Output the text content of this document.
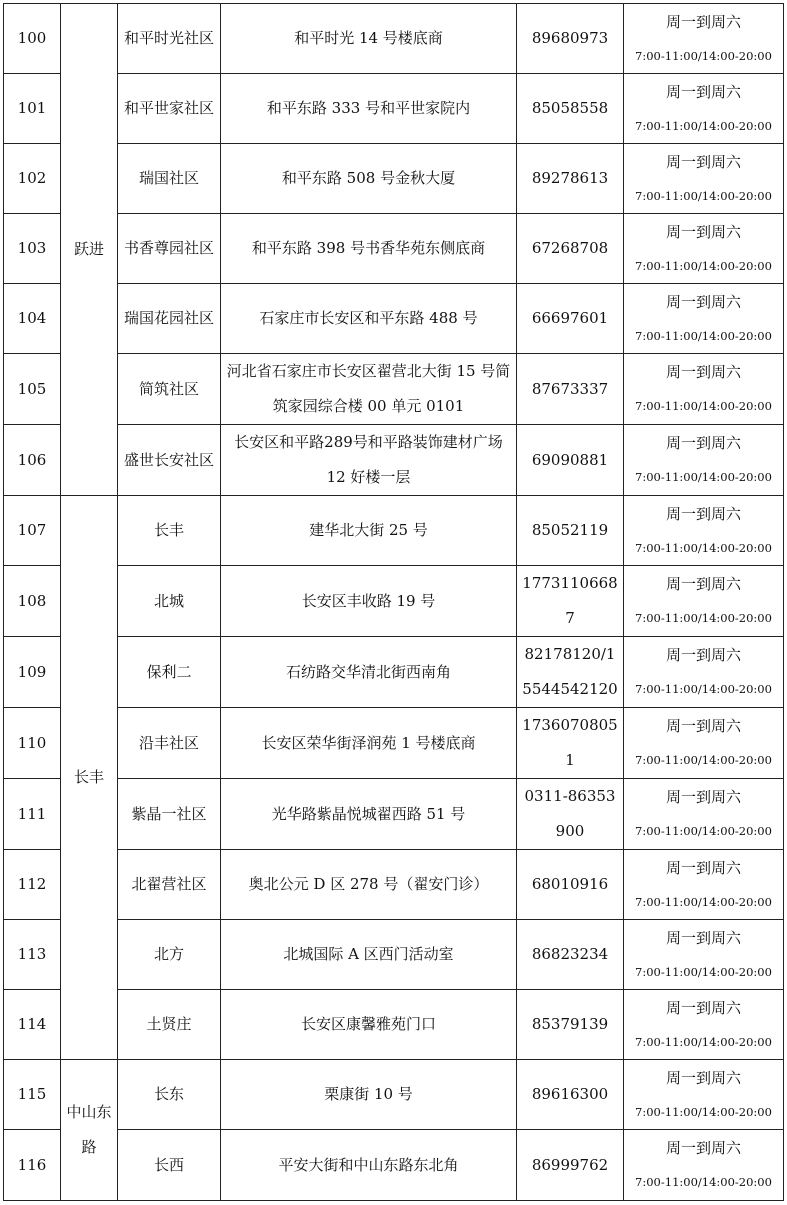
100	跃进	和平时光社区	和平时光 14 号楼底商	89680973	周一到周六
7:00-11:00/14:00-20:00

101		和平世家社区	和平东路 333 号和平世家院内	85058558	周一到周六
7:00-11:00/14:00-20:00

102		瑞国社区	和平东路 508 号金秋大厦	89278613	周一到周六
7:00-11:00/14:00-20:00

103		书香尊园社区	和平东路 398 号书香华苑东侧底商	67268708	周一到周六
7:00-11:00/14:00-20:00

104		瑞国花园社区	石家庄市长安区和平东路 488 号	66697601	周一到周六
7:00-11:00/14:00-20:00

105		简筑社区	河北省石家庄市长安区翟营北大街 15 号简筑家园综合楼 00 单元 0101	87673337	周一到周六
7:00-11:00/14:00-20:00

106		盛世长安社区	长安区和平路289号和平路装饰建材广场 12 好楼一层	69090881	周一到周六
7:00-11:00/14:00-20:00

107	长丰	长丰	建华北大街 25 号	85052119	周一到周六
7:00-11:00/14:00-20:00

108		北城	长安区丰收路 19 号	17731106687	周一到周六
7:00-11:00/14:00-20:00

109		保利二	石纺路交华清北街西南角	82178120/15544542120	周一到周六
7:00-11:00/14:00-20:00

110		沿丰社区	长安区荣华街泽润苑 1 号楼底商	17360708051	周一到周六
7:00-11:00/14:00-20:00

111		紫晶一社区	光华路紫晶悦城翟西路 51 号	0311-86353900	周一到周六
7:00-11:00/14:00-20:00

112		北翟营社区	奥北公元 D 区 278 号（翟安门诊）	68010916	周一到周六
7:00-11:00/14:00-20:00

113		北方	北城国际 A 区西门活动室	86823234	周一到周六
7:00-11:00/14:00-20:00

114		土贤庄	长安区康馨雅苑门口	85379139	周一到周六
7:00-11:00/14:00-20:00

115	中山东路	长东	栗康街 10 号	89616300	周一到周六
7:00-11:00/14:00-20:00

116		长西	平安大街和中山东路东北角	86999762	周一到周六
7:00-11:00/14:00-20:00
